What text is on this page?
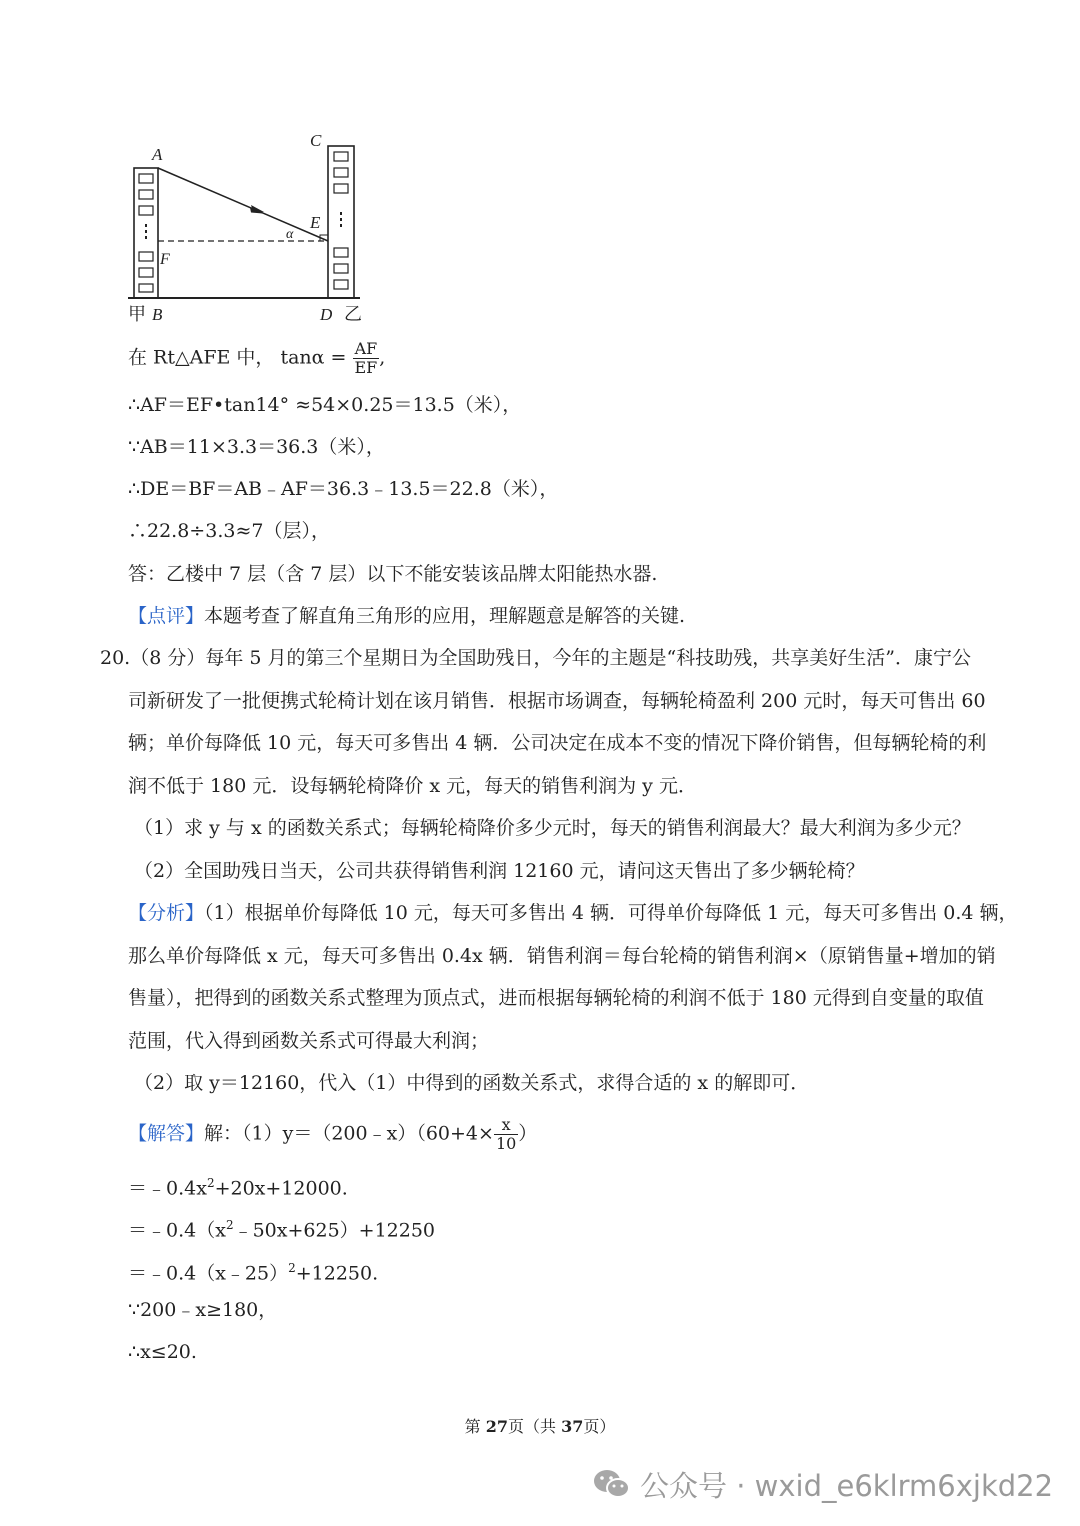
A
C
E
α
F
甲 B	D 乙
在 Rt△AFE 中， $\tan\alpha = \frac{AF}{EF}$ ,
∴AF＝EF•tan14° ≈54×0.25＝13.5（米），
∵AB＝11×3.3＝36.3（米），
∴DE＝BF＝AB﹣AF＝36.3﹣13.5＝22.8（米），
∴22.8÷3.3≈7（层），
答：乙楼中 7 层（含 7 层）以下不能安装该品牌太阳能热水器.
【点评】本题考查了解直角三角形的应用，理解题意是解答的关键.
20.（8 分）每年 5 月的第三个星期日为全国助残日，今年的主题是“科技助残，共享美好生活”．康宁公
司新研发了一批便携式轮椅计划在该月销售．根据市场调查，每辆轮椅盈利 200 元时，每天可售出 60
辆；单价每降低 10 元，每天可多售出 4 辆．公司决定在成本不变的情况下降价销售，但每辆轮椅的利
润不低于 180 元．设每辆轮椅降价 x 元，每天的销售利润为 y 元．
（1）求 y 与 x 的函数关系式；每辆轮椅降价多少元时，每天的销售利润最大？最大利润为多少元？
（2）全国助残日当天，公司共获得销售利润 12160 元，请问这天售出了多少辆轮椅？
【分析】（1）根据单价每降低 10 元，每天可多售出 4 辆．可得单价每降低 1 元，每天可多售出 0.4 辆，
那么单价每降低 x 元，每天可多售出 0.4x 辆．销售利润＝每台轮椅的销售利润×（原销售量+增加的销
售量），把得到的函数关系式整理为顶点式，进而根据每辆轮椅的利润不低于 180 元得到自变量的取值
范围，代入得到函数关系式可得最大利润；
（2）取 y＝12160，代入（1）中得到的函数关系式，求得合适的 x 的解即可．
【解答】解：（1）y＝（200﹣x）（60+4× $\frac{x}{10}$ ）
$=﹣0.4x^2+20x+12000$.
$=﹣0.4(x^2﹣50x+625)+12250$
＝﹣0.4（x﹣25）$^2$+12250.
∵200﹣x≥180，
∴x≤20.
第 27页（共 37页）
公众号 · wxid_e6klrm6xjkd22
